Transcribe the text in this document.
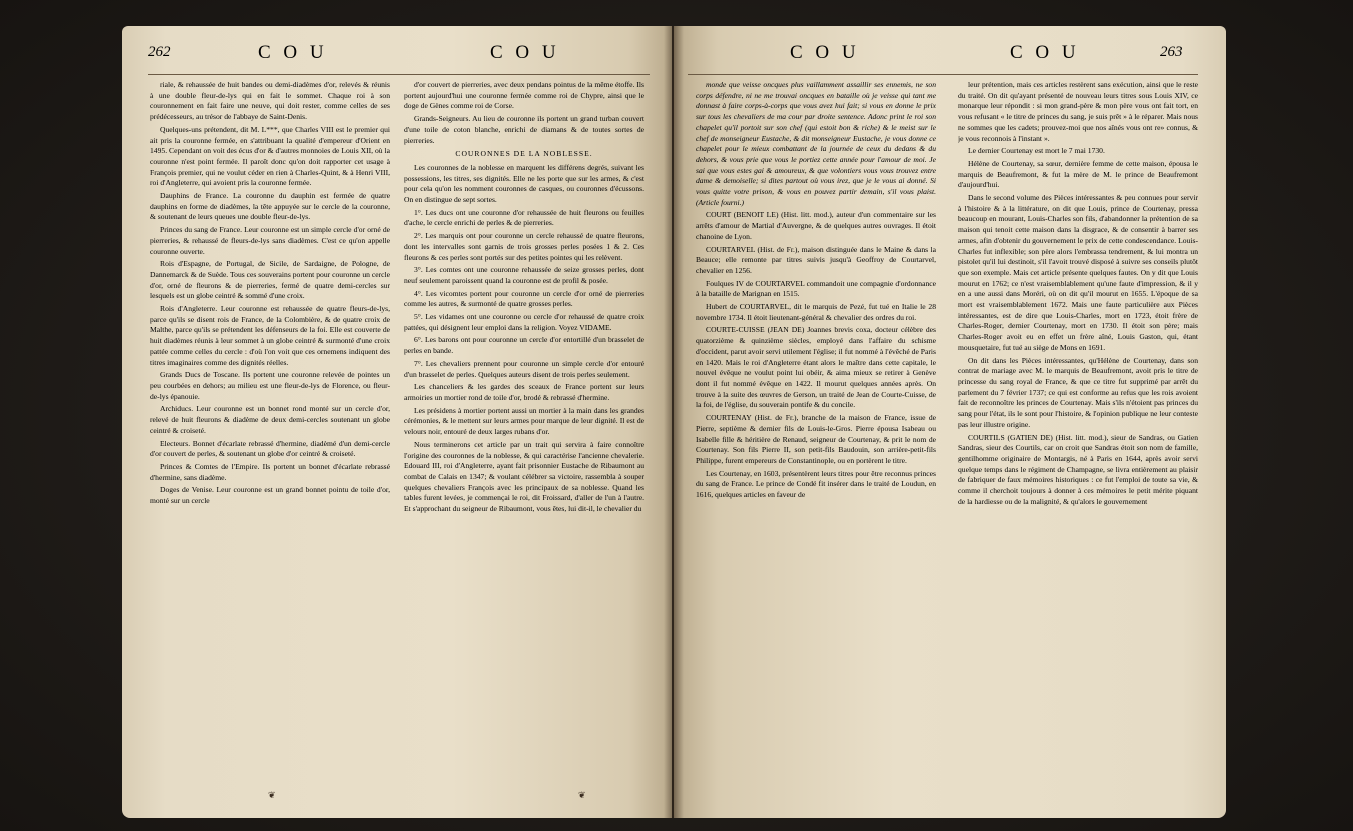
262	C O U	C O U	C O U	C O U	263

riale, & rehaussée de huit bandes ou demi-diadèmes d'or, relevés & réunis à une double fleur-de-lys qui en fait le sommet. Chaque roi à son couronnement en fait faire une neuve, qui doit rester, comme celles de ses prédécesseurs, au trésor de l'abbaye de Saint-Denis.

Quelques-uns prétendent, dit M. L***, que Charles VIII est le premier qui ait pris la couronne fermée, en s'attribuant la qualité d'empereur d'Orient en 1495. Cependant on voit des écus d'or & d'autres monnoies de Louis XII, où la couronne n'est point fermée. Il paroît donc qu'on doit rapporter cet usage à François premier, qui ne voulut céder en rien à Charles-Quint, & à Henri VIII, roi d'Angleterre, qui avoient pris la couronne fermée.

Dauphins de France. La couronne du dauphin est fermée de quatre dauphins en forme de diadèmes, la tête appuyée sur le cercle de la couronne, & soutenant de leurs queues une double fleur-de-lys.

Princes du sang de France. Leur couronne est un simple cercle d'or orné de pierreries, & rehaussé de fleurs-de-lys sans diadèmes. C'est ce qu'on appelle couronne ouverte.

Rois d'Espagne, de Portugal, de Sicile, de Sardaigne, de Pologne, de Dannemarck & de Suède. Tous ces souverains portent pour couronne un cercle d'or, orné de fleurons & de pierreries, fermé de quatre demi-cercles sur lesquels est un globe ceintré & sommé d'une croix.

Rois d'Angleterre. Leur couronne est rehaussée de quatre fleurs-de-lys, parce qu'ils se disent rois de France, de la Colombière, & de quatre croix de Malthe, parce qu'ils se prétendent les défenseurs de la foi. Elle est couverte de huit diadèmes réunis à leur sommet à un globe ceintré & surmonté d'une croix pattée comme celles du cercle : d'où l'on voit que ces ornemens indiquent des titres imaginaires comme des dignités réelles.

Grands Ducs de Toscane. Ils portent une couronne relevée de pointes un peu courbées en dehors; au milieu est une fleur-de-lys de Florence, ou fleur-de-lys épanouie.

Archiducs. Leur couronne est un bonnet rond monté sur un cercle d'or, relevé de huit fleurons & diadème de deux demi-cercles soutenant un globe ceintré & croiseté.

Electeurs. Bonnet d'écarlate rebrassé d'hermine, diadèmé d'un demi-cercle d'or couvert de perles, & soutenant un globe d'or ceintré & croiseté.

Princes & Comtes de l'Empire. Ils portent un bonnet d'écarlate rebrassé d'hermine, sans diadème.

Doges de Venise. Leur couronne est un grand bonnet pointu de toile d'or, monté sur un cercle

d'or couvert de pierreries, avec deux pendans pointus de la même étoffe. Ils portent aujourd'hui une couronne fermée comme roi de Chypre, ainsi que le doge de Gènes comme roi de Corse.

Grands-Seigneurs. Au lieu de couronne ils portent un grand turban couvert d'une toile de coton blanche, enrichi de diamans & de toutes sortes de pierreries.

COURONNES DE LA NOBLESSE.

Les couronnes de la noblesse en marquent les différens degrés, suivant les possessions, les titres, ses dignités. Elle ne les porte que sur les armes, & c'est pour cela qu'on les nomment couronnes de casques, ou couronnes d'écussons. On en distingue de sept sortes.

1°. Les ducs ont une couronne d'or rehaussée de huit fleurons ou feuilles d'ache, le cercle enrichi de perles & de pierreries.

2°. Les marquis ont pour couronne un cercle rehaussé de quatre fleurons, dont les intervalles sont garnis de trois grosses perles posées 1 & 2. Ces fleurons & ces perles sont portés sur des petites pointes qui les relèvent.

3°. Les comtes ont une couronne rehaussée de seize grosses perles, dont neuf seulement paroissent quand la couronne est de profil & posée.

4°. Les vicomtes portent pour couronne un cercle d'or orné de pierreries comme les autres, & surmonté de quatre grosses perles.

5°. Les vidames ont une couronne ou cercle d'or rehaussé de quatre croix pattées, qui désignent leur emploi dans la religion. Voyez VIDAME.

6°. Les barons ont pour couronne un cercle d'or entortillé d'un brasselet de perles en bande.

7°. Les chevaliers prennent pour couronne un simple cercle d'or entouré d'un brasselet de perles. Quelques auteurs disent de trois perles seulement.

Les chanceliers & les gardes des sceaux de France portent sur leurs armoiries un mortier rond de toile d'or, brodé & rebrassé d'hermine.

Les présidens à mortier portent aussi un mortier à la main dans les grandes cérémonies, & le mettent sur leurs armes pour marque de leur dignité. Il est de velours noir, entouré de deux larges rubans d'or.

Nous terminerons cet article par un trait qui servira à faire connoître l'origine des couronnes de la noblesse, & qui caractérise l'ancienne chevalerie. Edouard III, roi d'Angleterre, ayant fait prisonnier Eustache de Ribaumont au combat de Calais en 1347; & voulant célébrer sa victoire, rassembla à souper quelques chevaliers François avec les principaux de sa noblesse. Quand les tables furent levées, je commençai le roi, dit Froissard, d'aller de l'un à l'autre. Et s'approchant du seigneur de Ribaumont, vous êtes, lui dit-il, le chevalier du

monde que veisse oncques plus vaillamment assaillir ses ennemis, ne son corps défendre, ni ne me trouvai oncques en bataille où je veisse qui tant me donnast à faire corps-à-corps que vous avez hui fait; si vous en donne le prix sur tous les chevaliers de ma cour par droite sentence. Adonc print le roi son chapelet qu'il portoit sur son chef (qui estoit bon & riche) & le meist sur le chef de monseigneur Eustache, & dit monseigneur Eustache, je vous donne ce chapelet pour le mieux combattant de la journée de ceux du dedans & du dehors, & vous prie que vous le portiez cette année pour l'amour de moi. Je sai que vous estes gai & amoureux, & que volontiers vous vous trouvez entre dame & demoiselle; si dites partout où vous irez, que je le vous ai donné. Si vous quitte votre prison, & vous en pouvez partir demain, s'il vous plaist. (Article fourni.)

COURT (BENOIT LE) (Hist. litt. mod.), auteur d'un commentaire sur les arrêts d'amour de Martial d'Auvergne, & de quelques autres ouvrages. Il étoit chanoine de Lyon.

COURTARVEL (Hist. de Fr.), maison distinguée dans le Maine & dans la Beauce; elle remonte par titres suivis jusqu'à Geoffroy de Courtarvel, chevalier en 1256.

Foulques IV de COURTARVEL commandoit une compagnie d'ordonnance à la bataille de Marignan en 1515.

Hubert de COURTARVEL, dit le marquis de Pezé, fut tué en Italie le 28 novembre 1734. Il étoit lieutenant-général & chevalier des ordres du roi.

COURTE-CUISSE (JEAN DE) Joannes brevis coxa, docteur célèbre des quatorzième & quinzième siècles, employé dans l'affaire du schisme d'occident, parut avoir servi utilement l'église; il fut nommé à l'évêché de Paris en 1420. Mais le roi d'Angleterre étant alors le maître dans cette capitale, le nouvel évêque ne voulut point lui obéir, & aima mieux se retirer à Genève dont il fut nommé évêque en 1422. Il mourut quelques années après. On trouve à la suite des œuvres de Gerson, un traité de Jean de Courte-Cuisse, de la foi, de l'église, du souverain pontife & du concile.

COURTENAY (Hist. de Fr.), branche de la maison de France, issue de Pierre, septième & dernier fils de Louis-le-Gros. Pierre épousa Isabeau ou Isabelle fille & héritière de Renaud, seigneur de Courtenay, & prit le nom de Courtenay. Son fils Pierre II, son petit-fils Baudouin, son arrière-petit-fils Philippe, furent empereurs de Constantinople, ou en portèrent le titre.

Les Courtenay, en 1603, présentèrent leurs titres pour être reconnus princes du sang de France. Le prince de Condé fit insérer dans le traité de Loudun, en 1616, quelques articles en faveur de

leur prétention, mais ces articles restèrent sans exécution, ainsi que le reste du traité. On dit qu'ayant présenté de nouveau leurs titres sous Louis XIV, ce monarque leur répondit : si mon grand-père & mon père vous ont fait tort, en vous refusant « le titre de princes du sang, je suis prêt » à le réparer. Mais nous ne sommes que les cadets; prouvez-moi que nos aînés vous ont re» connus, & je vous reconnois à l'instant ».

Le dernier Courtenay est mort le 7 mai 1730.

Hélène de Courtenay, sa sœur, dernière femme de cette maison, épousa le marquis de Beaufremont, & fut la mère de M. le prince de Beaufremont d'aujourd'hui.

Dans le second volume des Pièces intéressantes & peu connues pour servir à l'histoire & à la littérature, on dit que Louis, prince de Courtenay, pressa beaucoup en mourant, Louis-Charles son fils, d'abandonner la prétention de sa maison qui tenoit cette maison dans la disgrace, & de consentir à barrer ses armes, afin d'obtenir du gouvernement le prix de cette condescendance. Louis-Charles fut inflexible; son père alors l'embrassa tendrement, & lui montra un pistolet qu'il lui destinoit, s'il l'avoit trouvé disposé à suivre ses conseils plutôt que son exemple. Mais cet article présente quelques fautes. On y dit que Louis mourut en 1762; ce n'est vraisemblablement qu'une faute d'impression, & il y en a une aussi dans Moréri, où on dit qu'il mourut en 1655. L'époque de sa mort est vraisemblablement 1672. Mais une faute particulière aux Pièces intéressantes, est de dire que Louis-Charles, mort en 1723, étoit frère de Charles-Roger, dernier Courtenay, mort en 1730. Il étoit son père; mais Charles-Roger avoit eu en effet un frère aîné, Louis Gaston, qui, étant mousquetaire, fut tué au siège de Mons en 1691.

On dit dans les Pièces intéressantes, qu'Hélène de Courtenay, dans son contrat de mariage avec M. le marquis de Beaufremont, avoit pris le titre de princesse du sang royal de France, & que ce titre fut supprimé par arrêt du parlement du 7 février 1737; ce qui est conforme au refus que les rois avoient fait de reconnoître les princes de Courtenay. Mais s'ils n'étoient pas princes du sang pour l'état, ils le sont pour l'histoire, & l'opinion publique ne leur conteste pas leur illustre origine.

COURTILS (GATIEN DE) (Hist. litt. mod.), sieur de Sandras, ou Gatien Sandras, sieur des Courtils, car on croit que Sandras étoit son nom de famille, gentilhomme originaire de Montargis, né à Paris en 1644, après avoir servi quelque temps dans le régiment de Champagne, se livra entièrement au plaisir de fabriquer de faux mémoires historiques : ce fut l'emploi de toute sa vie, & comme il cherchoit toujours à donner à ces mémoires le petit mérite piquant de la hardiesse ou de la malignité, & qu'alors le gouvernement

❦	❦
